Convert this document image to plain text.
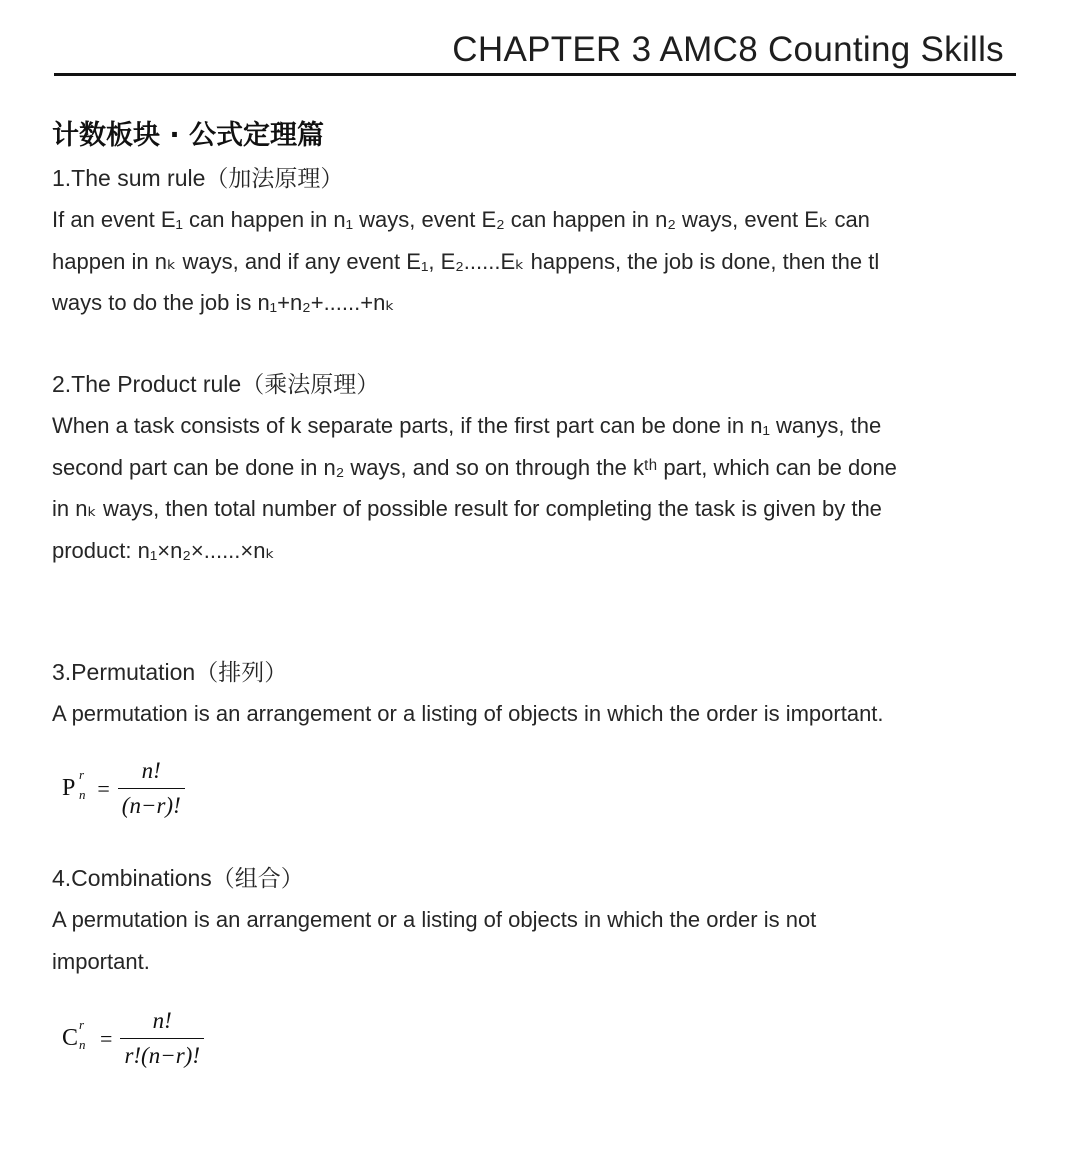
CHAPTER 3 AMC8 Counting Skills
计数板块 · 公式定理篇
1.The sum rule（加法原理）
If an event E₁ can happen in n₁ ways, event E₂ can happen in n₂ ways, event Eₖ can
happen in nₖ ways, and if any event E₁, E₂......Eₖ happens, the job is done, then the tl
ways to do the job is n₁+n₂+......+nₖ
2.The Product rule（乘法原理）
When a task consists of k separate parts, if the first part can be done in n₁ wanys, the
second part can be done in n₂ ways, and so on through the kᵗʰ part, which can be done
in nₖ ways, then total number of possible result for completing the task is given by the
product: n₁×n₂×......×nₖ
3.Permutation（排列）
A permutation is an arrangement or a listing of objects in which the order is important.
P
r
$n = \frac{n!}{(n-r)!}$
4.Combinations（组合）
A permutation is an arrangement or a listing of objects in which the order is not
important.
C
r
$n = \frac{n!}{r!(n-r)!}$
